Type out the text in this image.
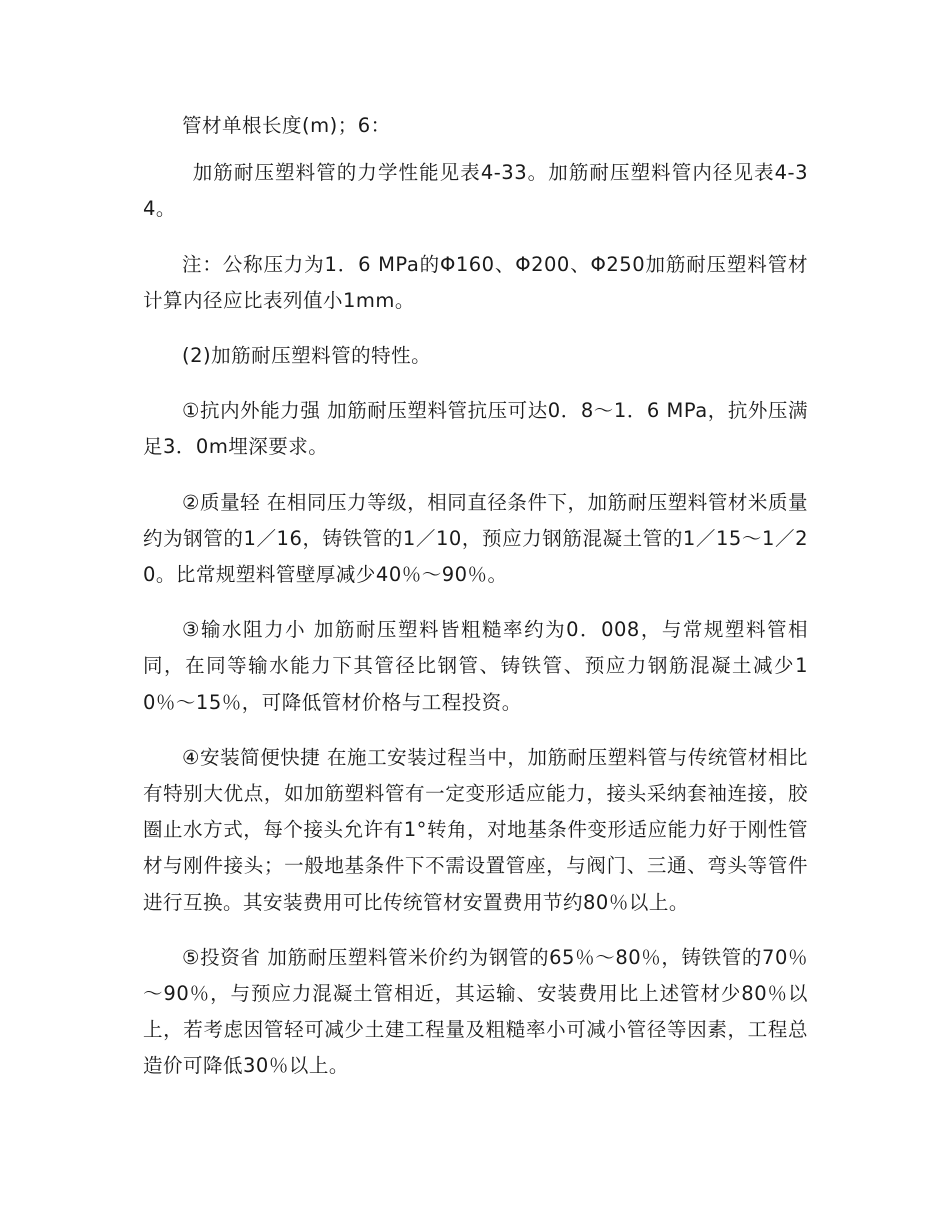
管材单根长度(m)；6：

加筋耐压塑料管的力学性能见表4-33。加筋耐压塑料管内径见表4-34。

注：公称压力为1．6 MPa的Φ160、Φ200、Φ250加筋耐压塑料管材计算内径应比表列值小1mm。

(2)加筋耐压塑料管的特性。

①抗内外能力强 加筋耐压塑料管抗压可达0．8～1．6 MPa，抗外压满足3．0m埋深要求。

②质量轻 在相同压力等级，相同直径条件下，加筋耐压塑料管材米质量约为钢管的1／16，铸铁管的1／10，预应力钢筋混凝土管的1／15～1／20。比常规塑料管壁厚减少40％～90％。

③输水阻力小 加筋耐压塑料皆粗糙率约为0．008，与常规塑料管相同，在同等输水能力下其管径比钢管、铸铁管、预应力钢筋混凝土减少10％～15％，可降低管材价格与工程投资。

④安装简便快捷 在施工安装过程当中，加筋耐压塑料管与传统管材相比有特别大优点，如加筋塑料管有一定变形适应能力，接头采纳套袖连接，胶圈止水方式，每个接头允许有1°转角，对地基条件变形适应能力好于刚性管材与刚件接头；一般地基条件下不需设置管座，与阀门、三通、弯头等管件进行互换。其安装费用可比传统管材安置费用节约80％以上。

⑤投资省 加筋耐压塑料管米价约为钢管的65％～80％，铸铁管的70％～90％，与预应力混凝土管相近，其运输、安装费用比上述管材少80％以上，若考虑因管轻可减少土建工程量及粗糙率小可减小管径等因素，工程总造价可降低30％以上。
